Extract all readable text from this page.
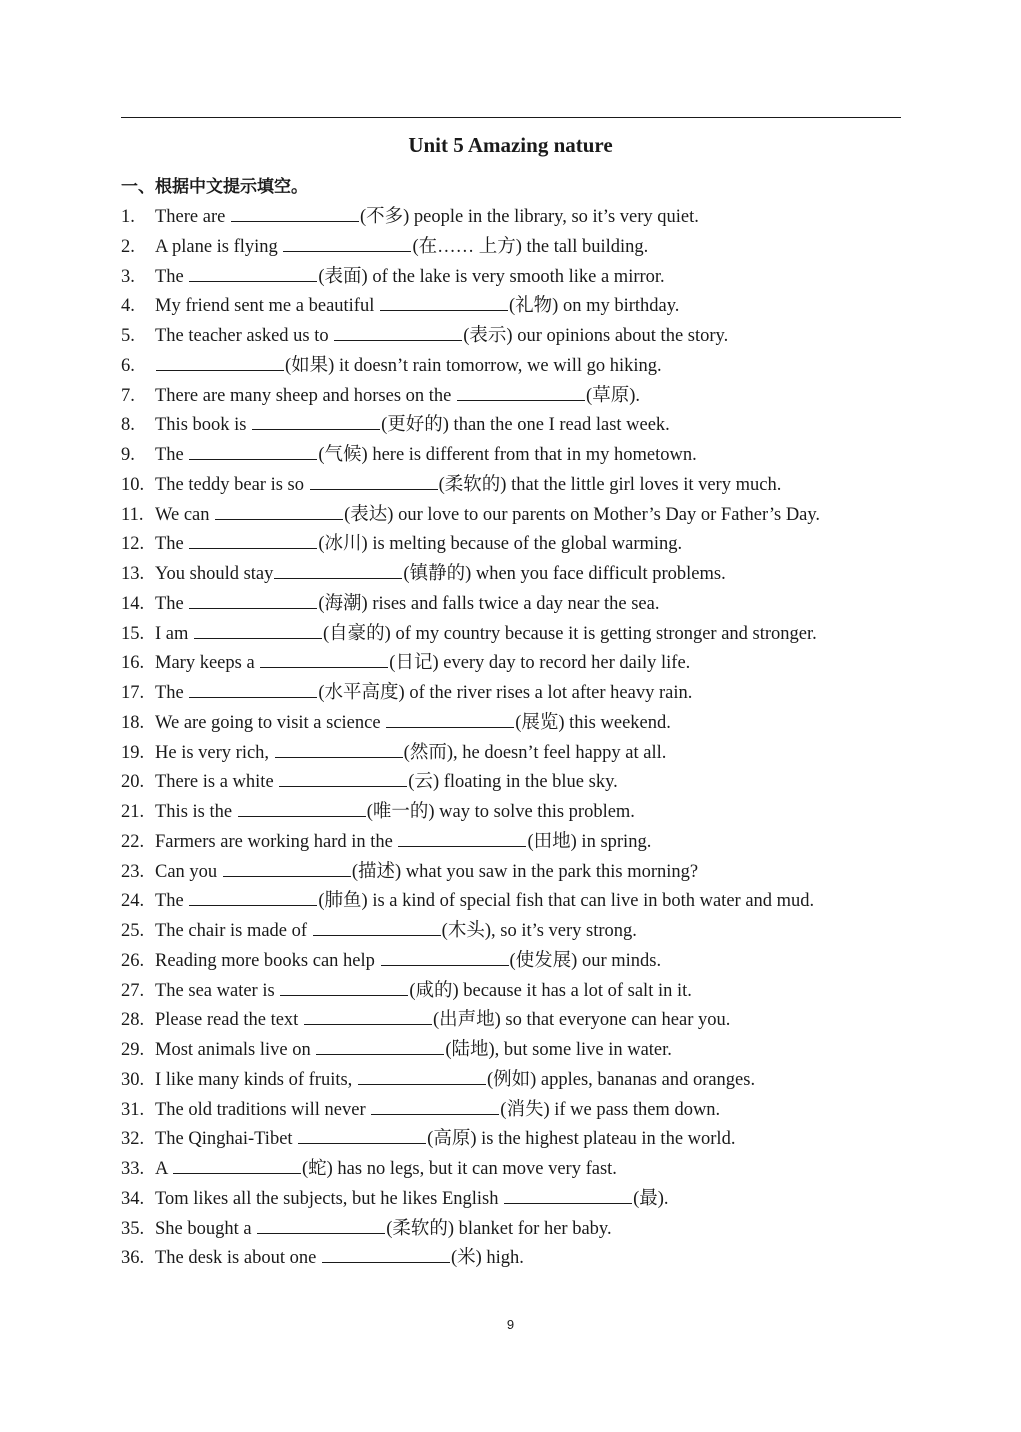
Unit 5 Amazing nature
一、根据中文提示填空。
1. There are	(不多) people in the library, so it’s very quiet.
2. A plane is flying	(在…… 上方) the tall building.
3. The	(表面) of the lake is very smooth like a mirror.
4. My friend sent me a beautiful	(礼物) on my birthday.
5. The teacher asked us to	(表示) our opinions about the story.
6.	(如果) it doesn’t rain tomorrow, we will go hiking.
7. There are many sheep and horses on the	(草原).
8. This book is	(更好的) than the one I read last week.
9. The	(气候) here is different from that in my hometown.
10. The teddy bear is so	(柔软的) that the little girl loves it very much.
11. We can	(表达) our love to our parents on Mother’s Day or Father’s Day.
12. The	(冰川) is melting because of the global warming.
13. You should stay	(镇静的) when you face difficult problems.
14. The	(海潮) rises and falls twice a day near the sea.
15. I am	(自豪的) of my country because it is getting stronger and stronger.
16. Mary keeps a	(日记) every day to record her daily life.
17. The	(水平高度) of the river rises a lot after heavy rain.
18. We are going to visit a science	(展览) this weekend.
19. He is very rich,	(然而), he doesn’t feel happy at all.
20. There is a white	(云) floating in the blue sky.
21. This is the	(唯一的) way to solve this problem.
22. Farmers are working hard in the	(田地) in spring.
23. Can you	(描述) what you saw in the park this morning?
24. The	(肺鱼) is a kind of special fish that can live in both water and mud.
25. The chair is made of	(木头), so it’s very strong.
26. Reading more books can help	(使发展) our minds.
27. The sea water is	(咸的) because it has a lot of salt in it.
28. Please read the text	(出声地) so that everyone can hear you.
29. Most animals live on	(陆地), but some live in water.
30. I like many kinds of fruits,	(例如) apples, bananas and oranges.
31. The old traditions will never	(消失) if we pass them down.
32. The Qinghai-Tibet	(高原) is the highest plateau in the world.
33. A	(蛇) has no legs, but it can move very fast.
34. Tom likes all the subjects, but he likes English	(最).
35. She bought a	(柔软的) blanket for her baby.
36. The desk is about one	(米) high.
9
